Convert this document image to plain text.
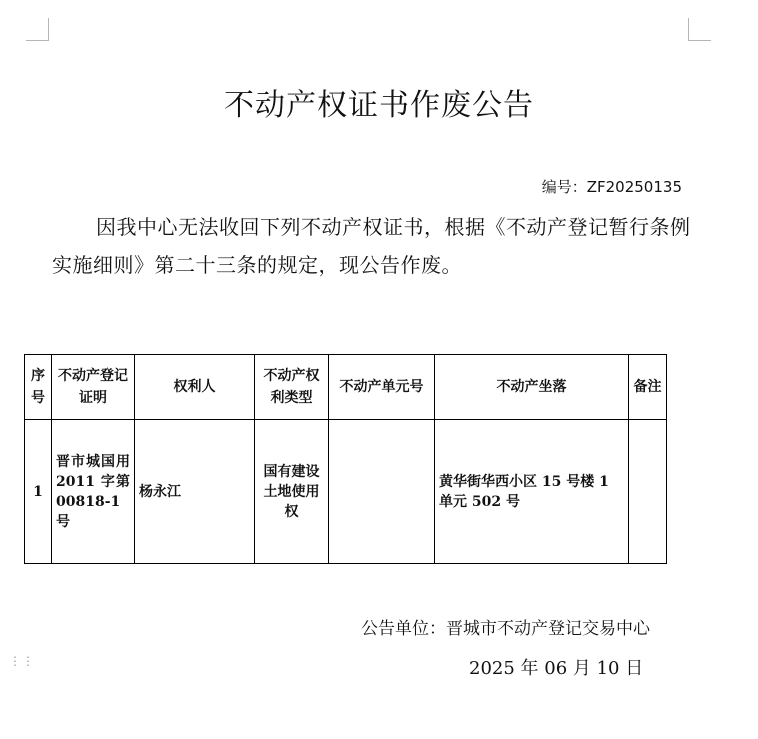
不动产权证书作废公告
编号：ZF20250135
因我中心无法收回下列不动产权证书，根据《不动产登记暂行条例实施细则》第二十三条的规定，现公告作废。
序号	不动产登记证明	权利人	不动产权利类型	不动产单元号	不动产坐落	备注
1	晋市城国用 2011 字第 00818-1号	杨永江	国有建设土地使用权		黄华街华西小区 15 号楼 1 单元 502 号	
公告单位：晋城市不动产登记交易中心
2025 年 06 月 10 日
⋮⋮
